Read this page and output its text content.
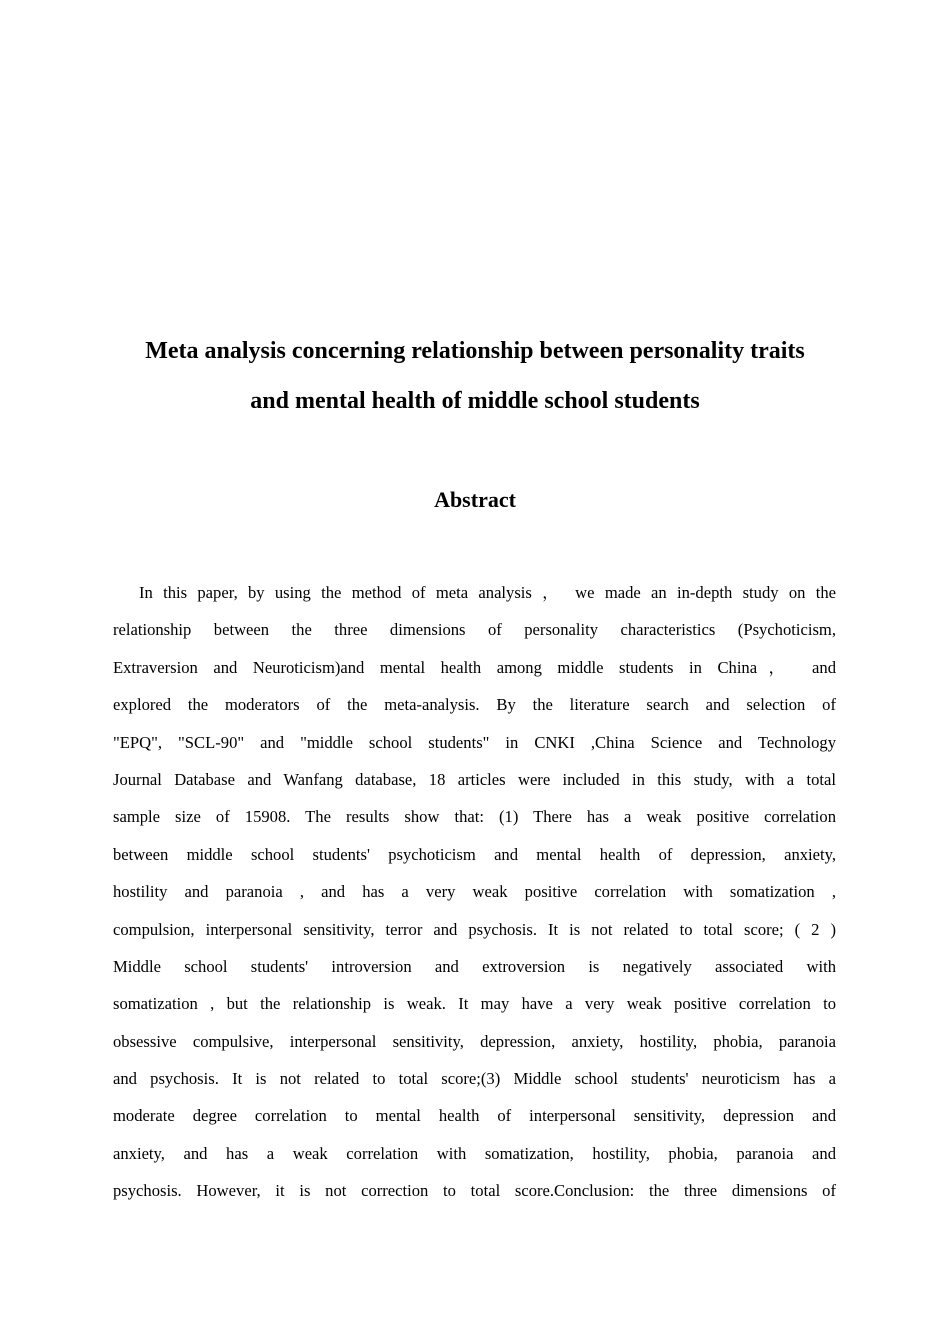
Meta analysis concerning relationship between personality traits
and mental health of middle school students
Abstract
In this paper, by using the method of meta analysis ， we made an in-depth study on the
relationship between the three dimensions of personality characteristics (Psychoticism,
Extraversion and Neuroticism)and mental health among middle students in China， and
explored the moderators of the meta-analysis. By the literature search and selection of
"EPQ", "SCL-90" and "middle school students" in CNKI ,China Science and Technology
Journal Database and Wanfang database, 18 articles were included in this study, with a total
sample size of 15908. The results show that: (1) There has a weak positive correlation
between middle school students' psychoticism and mental health of depression, anxiety,
hostility and paranoia , and has a very weak positive correlation with somatization ,
compulsion, interpersonal sensitivity, terror and psychosis. It is not related to total score; ( 2 )
Middle school students' introversion and extroversion is negatively associated with
somatization , but the relationship is weak. It may have a very weak positive correlation to
obsessive compulsive, interpersonal sensitivity, depression, anxiety, hostility, phobia, paranoia
and psychosis. It is not related to total score;(3) Middle school students' neuroticism has a
moderate degree correlation to mental health of interpersonal sensitivity, depression and
anxiety, and has a weak correlation with somatization, hostility, phobia, paranoia and
psychosis. However, it is not correction to total score.Conclusion: the three dimensions of
